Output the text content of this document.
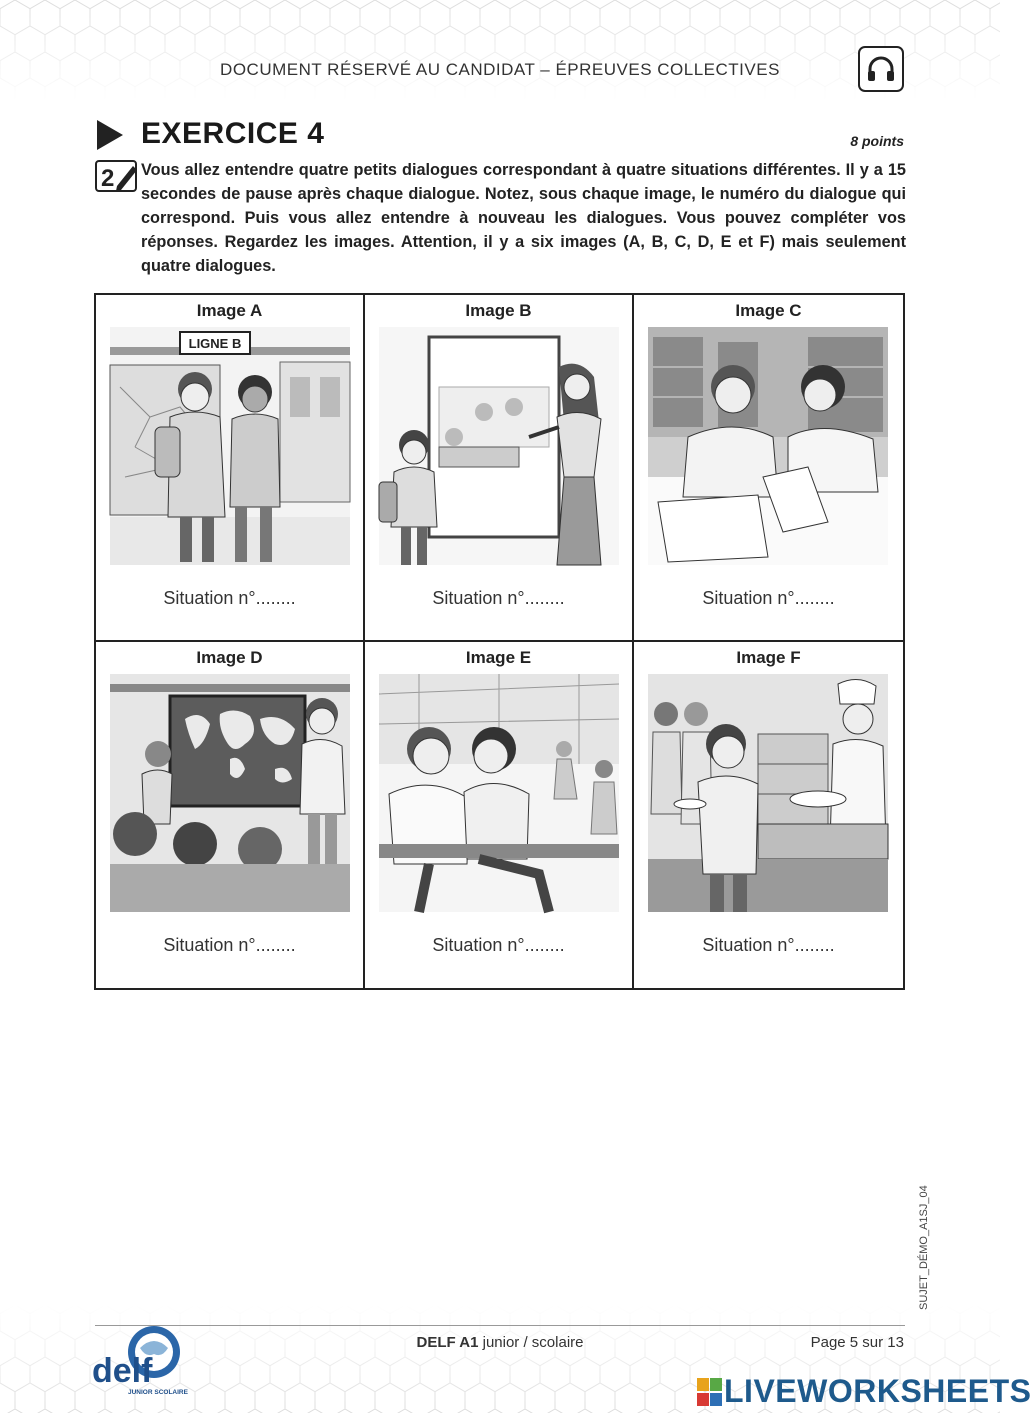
DOCUMENT RÉSERVÉ AU CANDIDAT – ÉPREUVES COLLECTIVES
EXERCICE 4	8 points
2 Vous allez entendre quatre petits dialogues correspondant à quatre situations différentes. Il y a 15 secondes de pause après chaque dialogue. Notez, sous chaque image, le numéro du dialogue qui correspond. Puis vous allez entendre à nouveau les dialogues. Vous pouvez compléter vos réponses. Regardez les images. Attention, il y a six images (A, B, C, D, E et F) mais seulement quatre dialogues.
Image A
LIGNE B
Situation n°........
Image B
Situation n°........
Image C
Situation n°........
Image D
Situation n°........
Image E
Situation n°........
Image F
Situation n°........
SUJET_DÉMO_A1SJ_04
delf
JUNIOR SCOLAIRE
DELF A1 junior / scolaire	Page 5 sur 13
LIVEWORKSHEETS
